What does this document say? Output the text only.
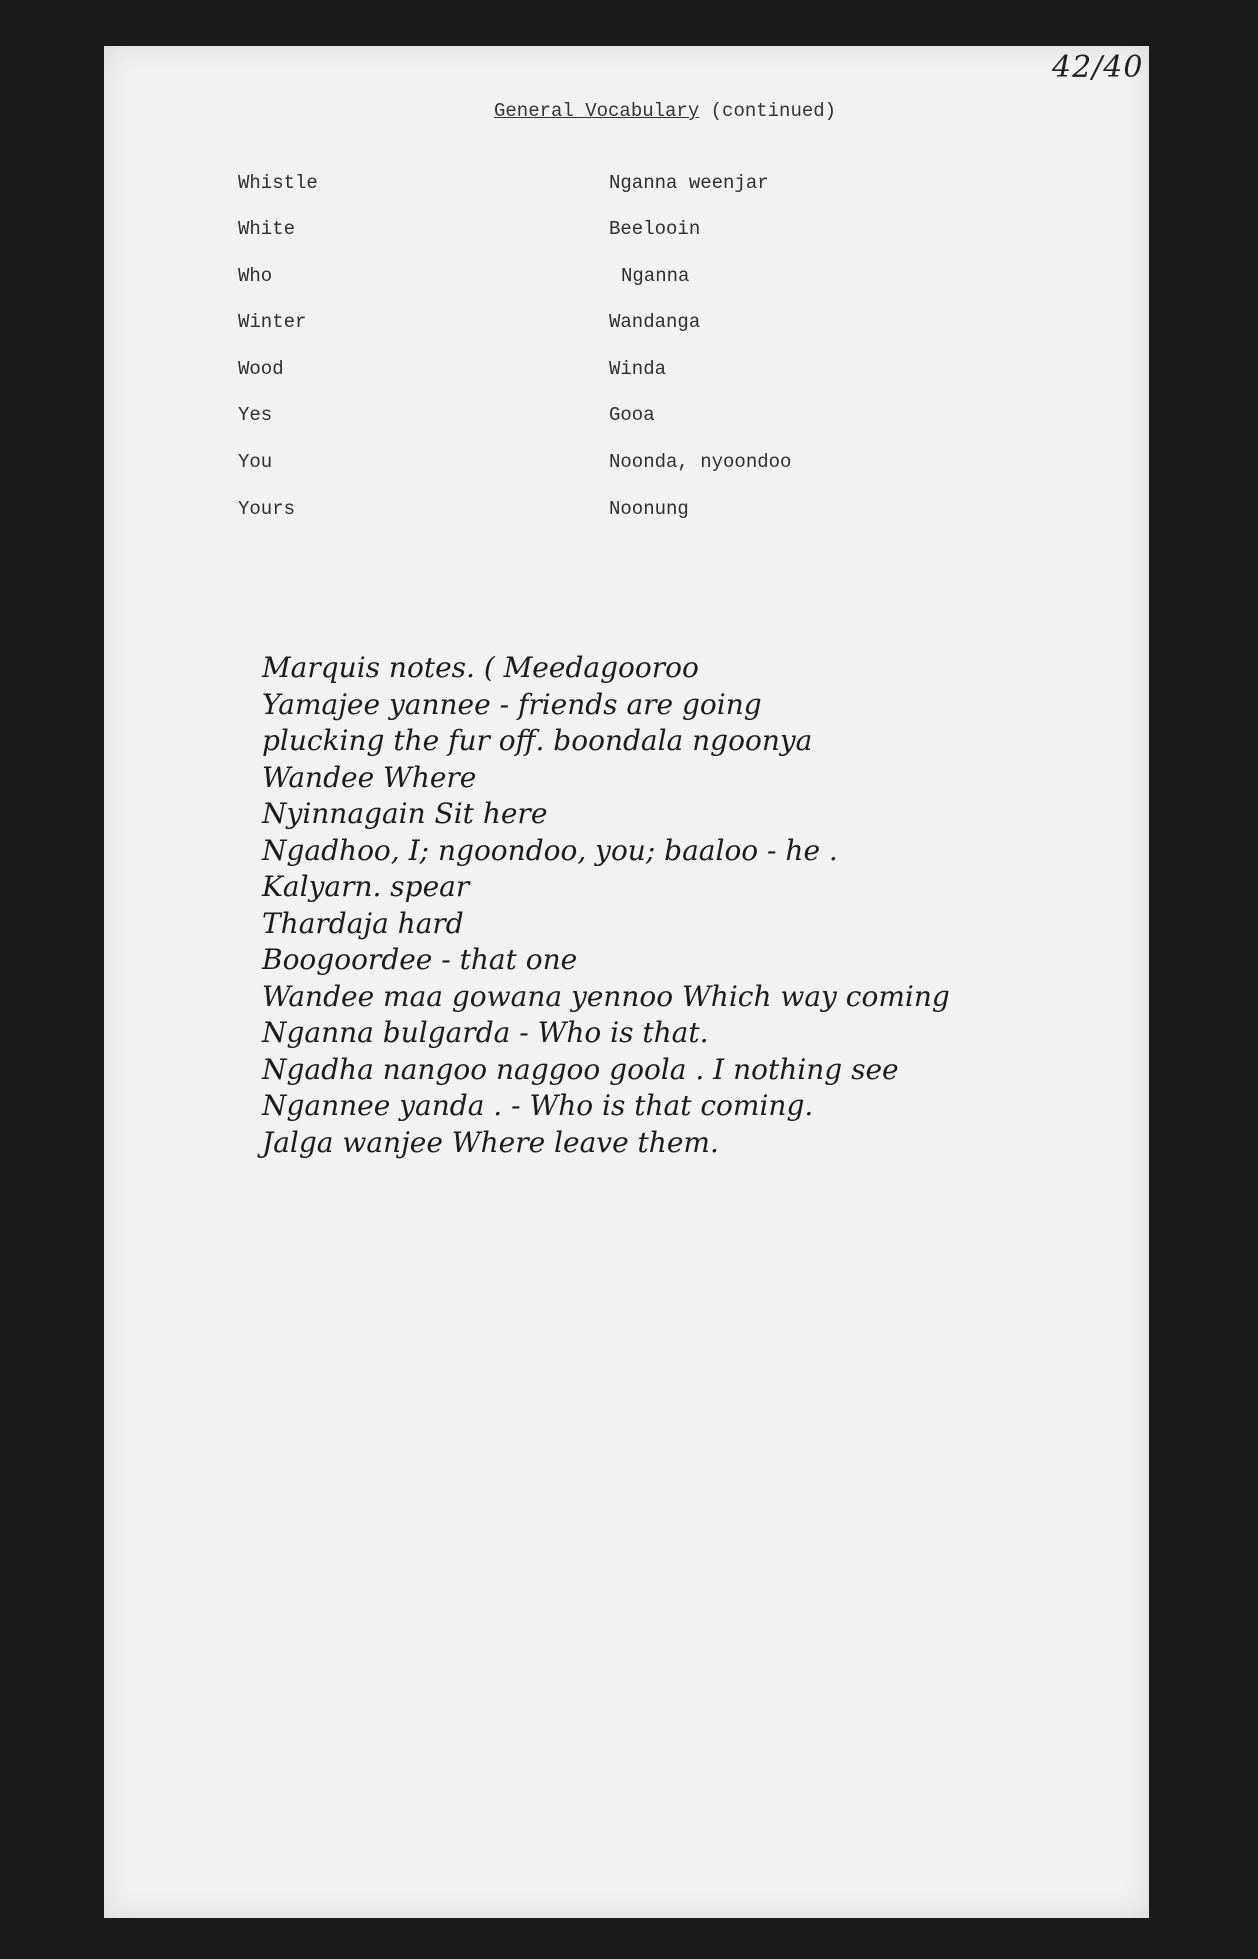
42/40
General Vocabulary (continued)
Whistle	Nganna weenjar
White	Beelooin
Who	Nganna
Winter	Wandanga
Wood	Winda
Yes	Gooa
You	Noonda, nyoondoo
Yours	Noonung
Marquis notes. ( Meedagooroo
Yamajee yannee - friends are going
plucking the fur off. boondala ngoonya
Wandee Where
Nyinnagain Sit here
Ngadhoo, I; ngoondoo, you; baaloo - he .
Kalyarn. spear
Thardaja hard
Boogoordee - that one
Wandee maa gowana yennoo Which way coming
Nganna bulgarda - Who is that.
Ngadha nangoo naggoo goola . I nothing see
Ngannee yanda . - Who is that coming.
Jalga wanjee Where leave them.
